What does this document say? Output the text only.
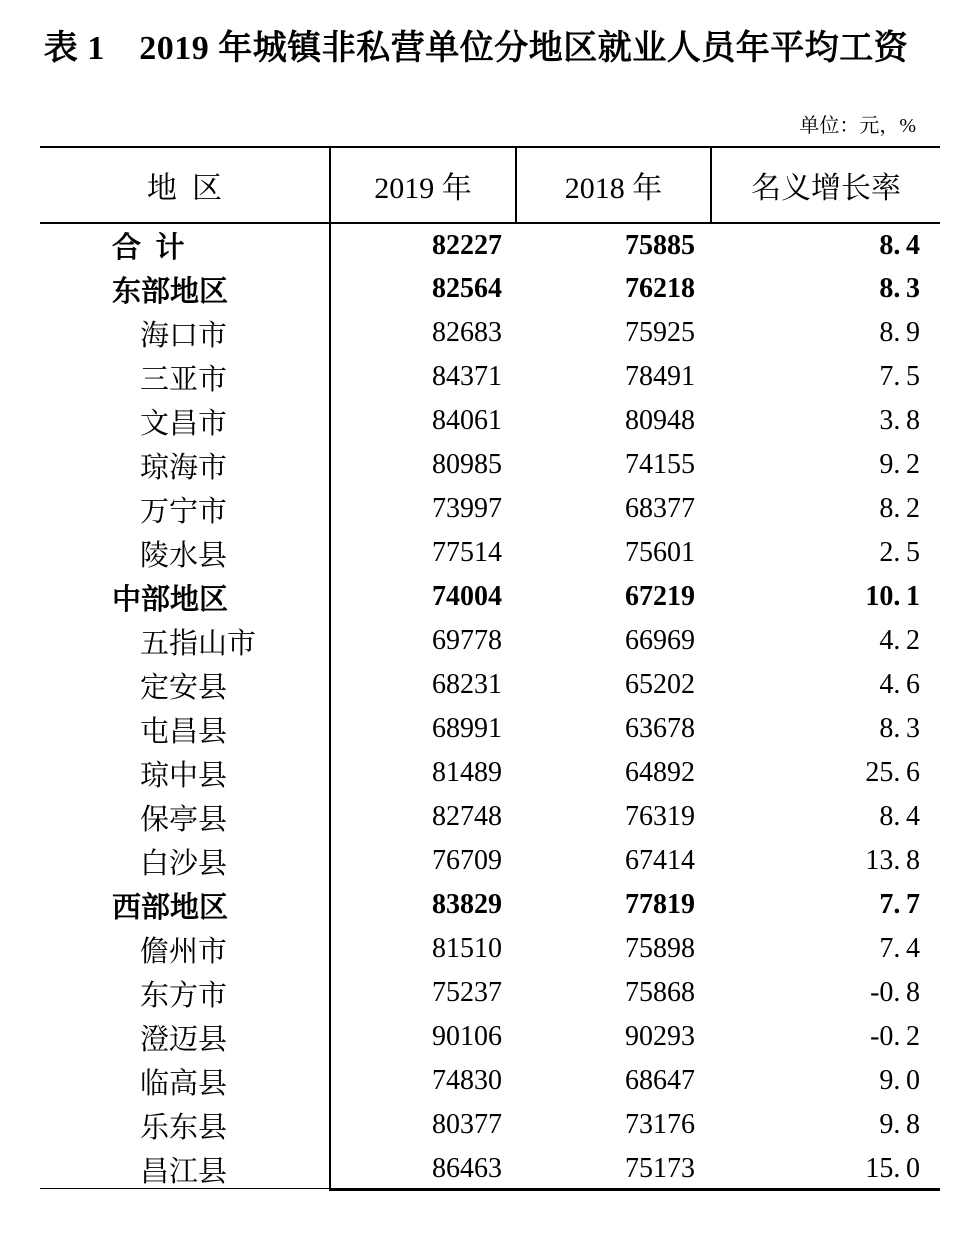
表 1　2019 年城镇非私营单位分地区就业人员年平均工资
单位：元，%
地  区	2019 年	2018 年	名义增长率
合  计	82227	75885	8. 4
东部地区	82564	76218	8. 3
海口市	82683	75925	8. 9
三亚市	84371	78491	7. 5
文昌市	84061	80948	3. 8
琼海市	80985	74155	9. 2
万宁市	73997	68377	8. 2
陵水县	77514	75601	2. 5
中部地区	74004	67219	10. 1
五指山市	69778	66969	4. 2
定安县	68231	65202	4. 6
屯昌县	68991	63678	8. 3
琼中县	81489	64892	25. 6
保亭县	82748	76319	8. 4
白沙县	76709	67414	13. 8
西部地区	83829	77819	7. 7
儋州市	81510	75898	7. 4
东方市	75237	75868	-0. 8
澄迈县	90106	90293	-0. 2
临高县	74830	68647	9. 0
乐东县	80377	73176	9. 8
昌江县	86463	75173	15. 0
